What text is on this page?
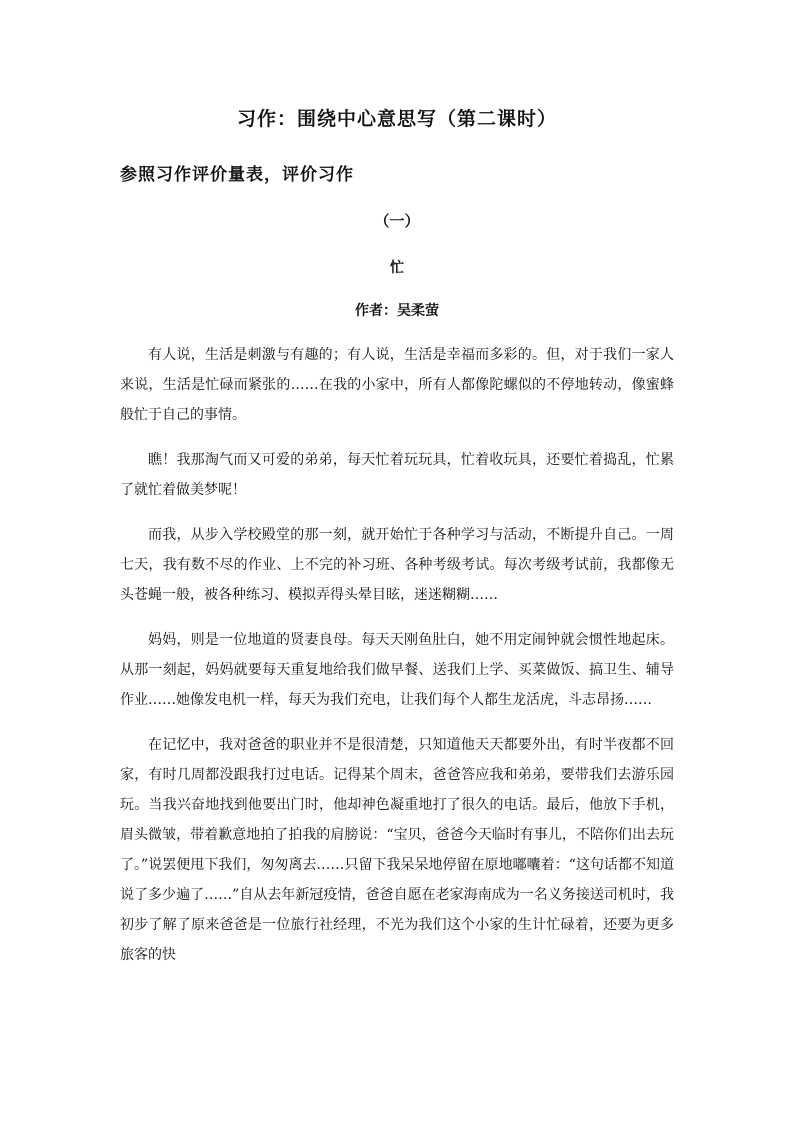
习作：围绕中心意思写（第二课时）
参照习作评价量表，评价习作
（一）
忙
作者：吴柔萤

有人说，生活是刺激与有趣的；有人说，生活是幸福而多彩的。但，对于我们一家人来说，生活是忙碌而紧张的……在我的小家中，所有人都像陀螺似的不停地转动，像蜜蜂般忙于自己的事情。

瞧！我那淘气而又可爱的弟弟，每天忙着玩玩具，忙着收玩具，还要忙着捣乱，忙累了就忙着做美梦呢！

而我，从步入学校殿堂的那一刻，就开始忙于各种学习与活动，不断提升自己。一周七天，我有数不尽的作业、上不完的补习班、各种考级考试。每次考级考试前，我都像无头苍蝇一般，被各种练习、模拟弄得头晕目眩，迷迷糊糊……

妈妈，则是一位地道的贤妻良母。每天天刚鱼肚白，她不用定闹钟就会惯性地起床。从那一刻起，妈妈就要每天重复地给我们做早餐、送我们上学、买菜做饭、搞卫生、辅导作业……她像发电机一样，每天为我们充电，让我们每个人都生龙活虎，斗志昂扬……

在记忆中，我对爸爸的职业并不是很清楚，只知道他天天都要外出，有时半夜都不回家，有时几周都没跟我打过电话。记得某个周末，爸爸答应我和弟弟，要带我们去游乐园玩。当我兴奋地找到他要出门时，他却神色凝重地打了很久的电话。最后，他放下手机，眉头微皱，带着歉意地拍了拍我的肩膀说：“宝贝，爸爸今天临时有事儿，不陪你们出去玩了。”说罢便甩下我们，匆匆离去……只留下我呆呆地停留在原地嘟囔着：“这句话都不知道说了多少遍了……”自从去年新冠疫情，爸爸自愿在老家海南成为一名义务接送司机时，我初步了解了原来爸爸是一位旅行社经理，不光为我们这个小家的生计忙碌着，还要为更多旅客的快
